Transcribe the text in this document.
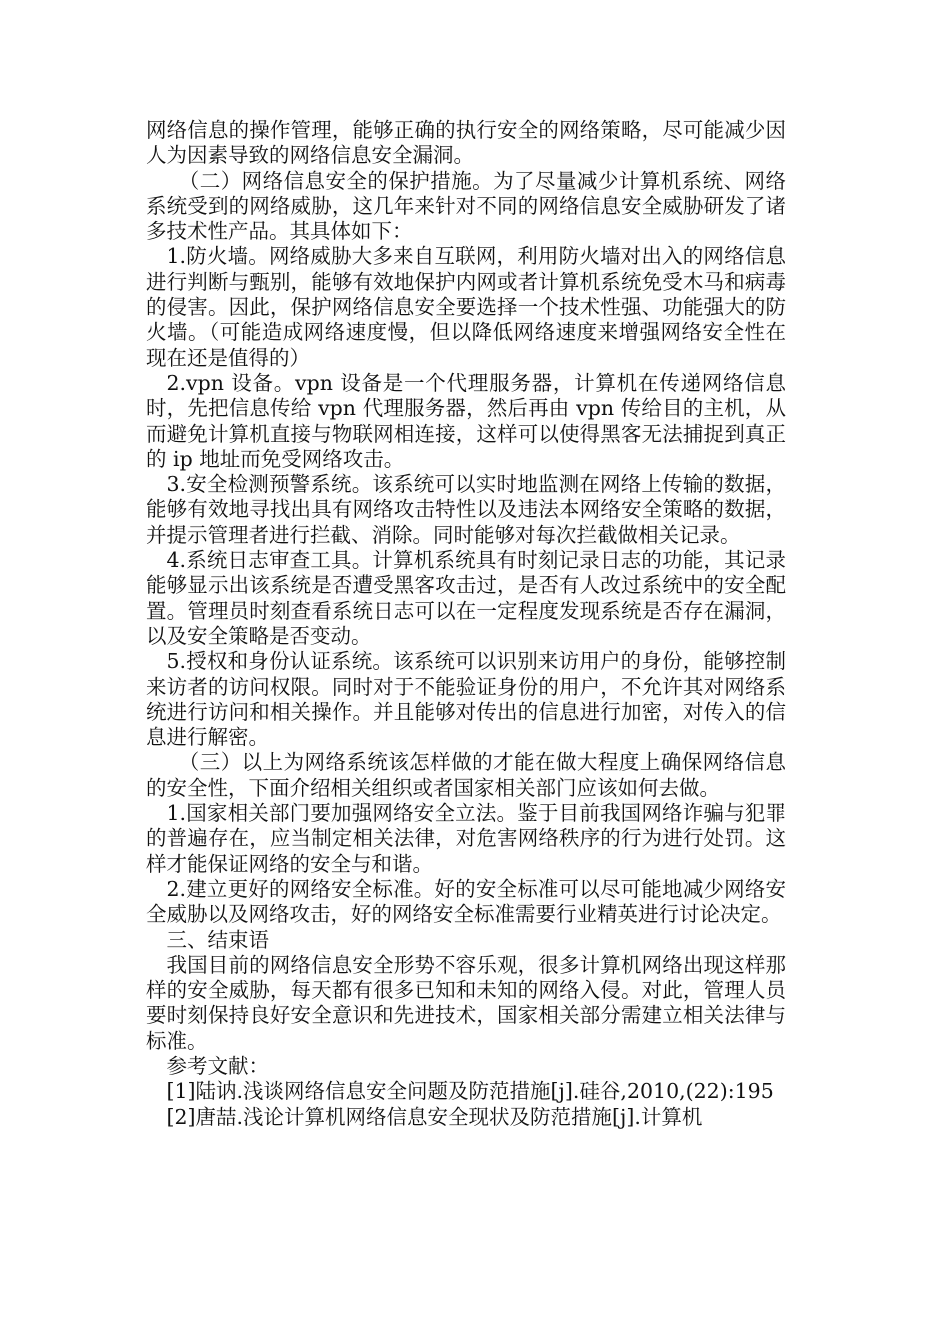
网络信息的操作管理，能够正确的执行安全的网络策略，尽可能减少因人为因素导致的网络信息安全漏洞。

（二）网络信息安全的保护措施。为了尽量减少计算机系统、网络系统受到的网络威胁，这几年来针对不同的网络信息安全威胁研发了诸多技术性产品。其具体如下：

1.防火墙。网络威胁大多来自互联网，利用防火墙对出入的网络信息进行判断与甄别，能够有效地保护内网或者计算机系统免受木马和病毒的侵害。因此，保护网络信息安全要选择一个技术性强、功能强大的防火墙。（可能造成网络速度慢，但以降低网络速度来增强网络安全性在现在还是值得的）

2.vpn 设备。vpn 设备是一个代理服务器，计算机在传递网络信息时，先把信息传给 vpn 代理服务器，然后再由 vpn 传给目的主机，从而避免计算机直接与物联网相连接，这样可以使得黑客无法捕捉到真正的 ip 地址而免受网络攻击。

3.安全检测预警系统。该系统可以实时地监测在网络上传输的数据，能够有效地寻找出具有网络攻击特性以及违法本网络安全策略的数据，并提示管理者进行拦截、消除。同时能够对每次拦截做相关记录。

4.系统日志审查工具。计算机系统具有时刻记录日志的功能，其记录能够显示出该系统是否遭受黑客攻击过，是否有人改过系统中的安全配置。管理员时刻查看系统日志可以在一定程度发现系统是否存在漏洞，以及安全策略是否变动。

5.授权和身份认证系统。该系统可以识别来访用户的身份，能够控制来访者的访问权限。同时对于不能验证身份的用户，不允许其对网络系统进行访问和相关操作。并且能够对传出的信息进行加密，对传入的信息进行解密。

（三）以上为网络系统该怎样做的才能在做大程度上确保网络信息的安全性，下面介绍相关组织或者国家相关部门应该如何去做。

1.国家相关部门要加强网络安全立法。鉴于目前我国网络诈骗与犯罪的普遍存在，应当制定相关法律，对危害网络秩序的行为进行处罚。这样才能保证网络的安全与和谐。

2.建立更好的网络安全标准。好的安全标准可以尽可能地减少网络安全威胁以及网络攻击，好的网络安全标准需要行业精英进行讨论决定。

三、结束语

我国目前的网络信息安全形势不容乐观，很多计算机网络出现这样那样的安全威胁，每天都有很多已知和未知的网络入侵。对此，管理人员要时刻保持良好安全意识和先进技术，国家相关部分需建立相关法律与标准。

参考文献：

[1]陆讷.浅谈网络信息安全问题及防范措施[j].硅谷,2010,(22):195

[2]唐喆.浅论计算机网络信息安全现状及防范措施[j].计算机
